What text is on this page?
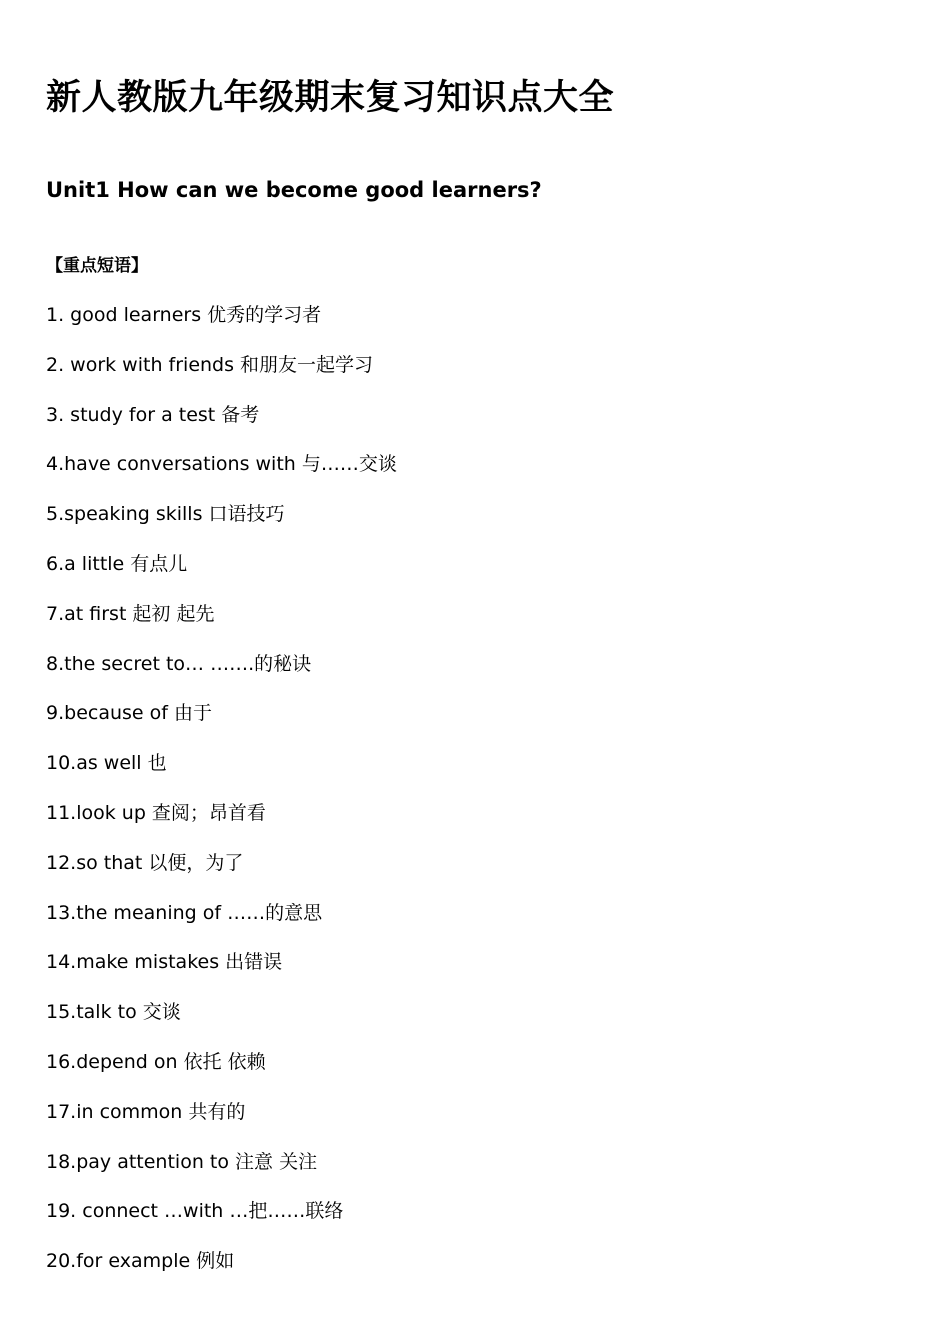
新人教版九年级期末复习知识点大全
Unit1 How can we become good learners?
【重点短语】
1. good learners 优秀的学习者
2. work with friends 和朋友一起学习
3. study for a test 备考
4.have conversations with 与……交谈
5.speaking skills 口语技巧
6.a little 有点儿
7.at first 起初 起先
8.the secret to… …….的秘诀
9.because of 由于
10.as well 也
11.look up 查阅；昂首看
12.so that 以便，为了
13.the meaning of ……的意思
14.make mistakes 出错误
15.talk to 交谈
16.depend on 依托 依赖
17.in common 共有的
18.pay attention to 注意 关注
19. connect …with …把……联络
20.for example 例如
